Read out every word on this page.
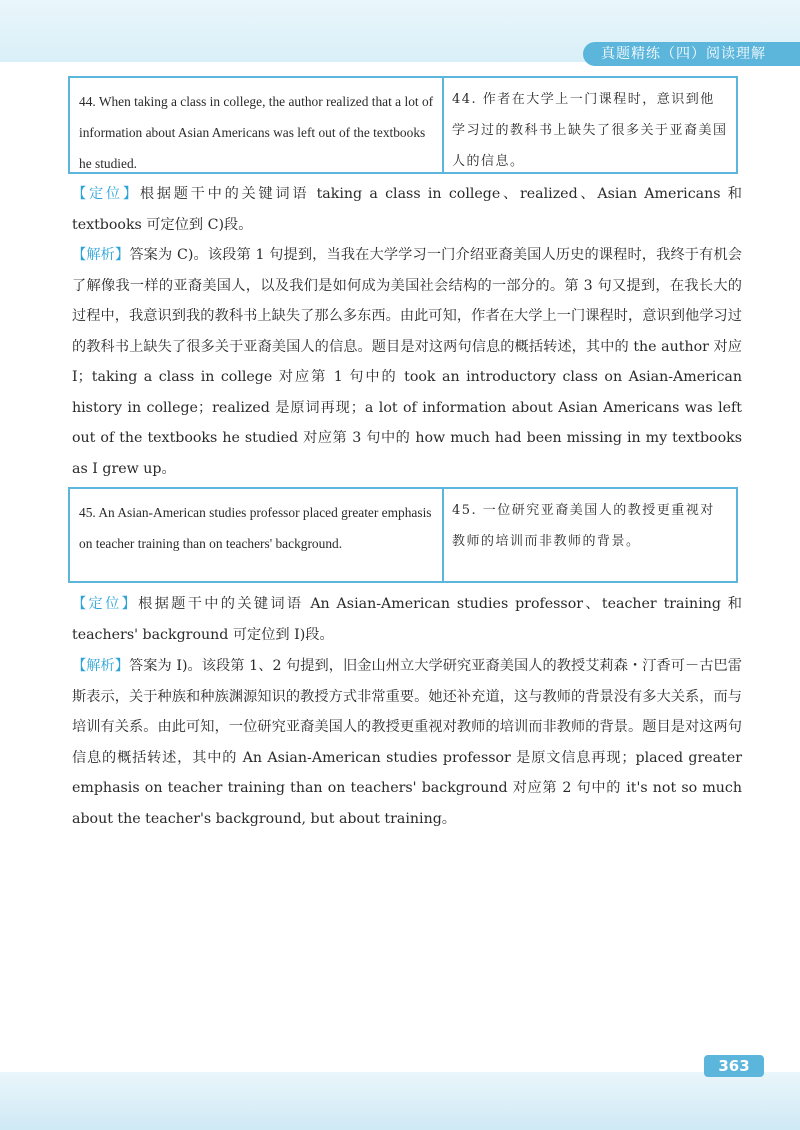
真题精练（四）阅读理解
44. When taking a class in college, the author realized that a lot of information about Asian Americans was left out of the textbooks he studied.
44. 作者在大学上一门课程时，意识到他学习过的教科书上缺失了很多关于亚裔美国人的信息。
【定位】根据题干中的关键词语 taking a class in college、realized、Asian Americans 和 textbooks 可定位到 C)段。
【解析】答案为 C)。该段第 1 句提到，当我在大学学习一门介绍亚裔美国人历史的课程时，我终于有机会了解像我一样的亚裔美国人，以及我们是如何成为美国社会结构的一部分的。第 3 句又提到，在我长大的过程中，我意识到我的教科书上缺失了那么多东西。由此可知，作者在大学上一门课程时，意识到他学习过的教科书上缺失了很多关于亚裔美国人的信息。题目是对这两句信息的概括转述，其中的 the author 对应 I；taking a class in college 对应第 1 句中的 took an introductory class on Asian-American history in college；realized 是原词再现；a lot of information about Asian Americans was left out of the textbooks he studied 对应第 3 句中的 how much had been missing in my textbooks as I grew up。
45. An Asian-American studies professor placed greater emphasis on teacher training than on teachers' background.
45. 一位研究亚裔美国人的教授更重视对教师的培训而非教师的背景。
【定位】根据题干中的关键词语 An Asian-American studies professor、teacher training 和 teachers' background 可定位到 I)段。
【解析】答案为 I)。该段第 1、2 句提到，旧金山州立大学研究亚裔美国人的教授艾莉森・汀香可－古巴雷斯表示，关于种族和种族渊源知识的教授方式非常重要。她还补充道，这与教师的背景没有多大关系，而与培训有关系。由此可知，一位研究亚裔美国人的教授更重视对教师的培训而非教师的背景。题目是对这两句信息的概括转述，其中的 An Asian-American studies professor 是原文信息再现；placed greater emphasis on teacher training than on teachers' background 对应第 2 句中的 it's not so much about the teacher's background, but about training。
363
